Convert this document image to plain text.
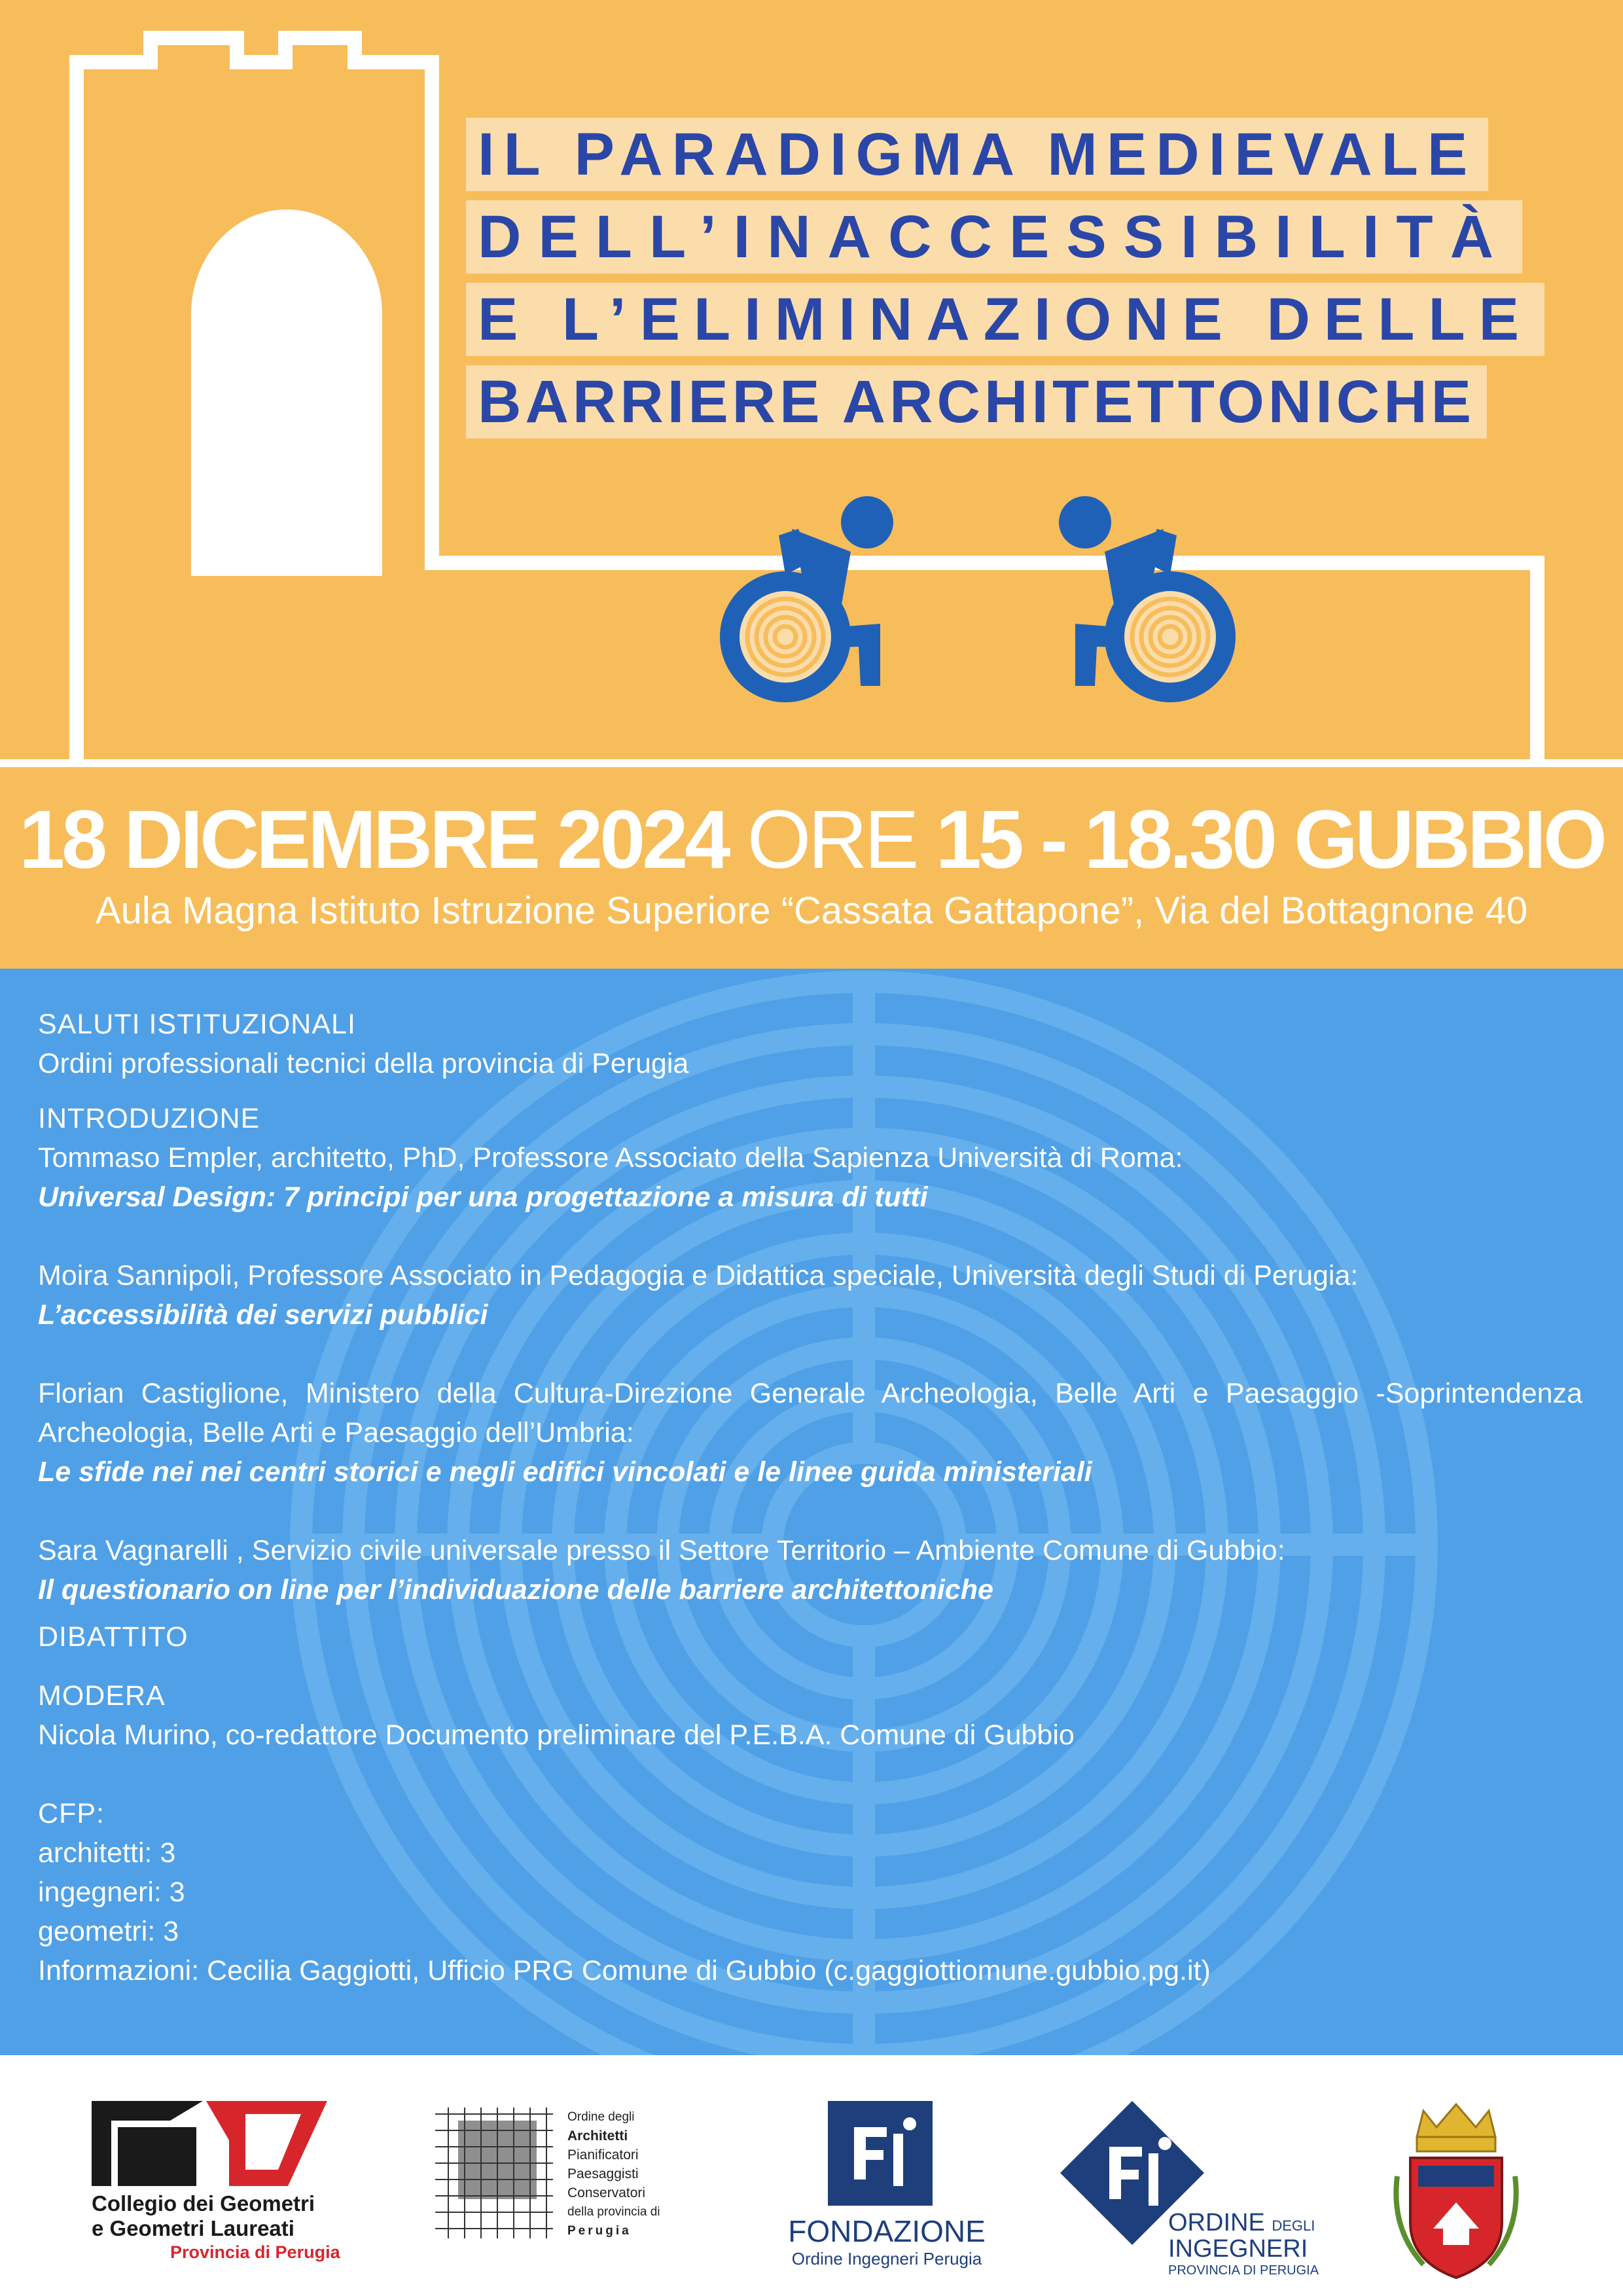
IL PARADIGMA MEDIEVALE
DELL’INACCESSIBILITÀ
E L’ELIMINAZIONE DELLE
BARRIERE ARCHITETTONICHE
18 DICEMBRE 2024 ORE 15 - 18.30 GUBBIO
Aula Magna Istituto Istruzione Superiore “Cassata Gattapone”, Via del Bottagnone 40

SALUTI ISTITUZIONALI

Ordini professionali tecnici della provincia di Perugia

INTRODUZIONE

Tommaso Empler, architetto, PhD, Professore Associato della Sapienza Università di Roma:

Universal Design: 7 principi per una progettazione a misura di tutti

Moira Sannipoli, Professore Associato in Pedagogia e Didattica speciale, Università degli Studi di Perugia:

L’accessibilità dei servizi pubblici

Florian Castiglione, Ministero della Cultura-Direzione Generale Archeologia, Belle Arti e Paesaggio -Soprintendenza Archeologia, Belle Arti e Paesaggio dell’Umbria:

Le sfide nei nei centri storici e negli edifici vincolati e le linee guida ministeriali

Sara Vagnarelli , Servizio civile universale presso il Settore Territorio – Ambiente Comune di Gubbio:

Il questionario on line per l’individuazione delle barriere architettoniche

DIBATTITO

MODERA

Nicola Murino, co-redattore Documento preliminare del P.E.B.A. Comune di Gubbio

CFP:

architetti: 3

ingegneri: 3

geometri: 3

Informazioni: Cecilia Gaggiotti, Ufficio PRG Comune di Gubbio (c.gaggiottiomune.gubbio.pg.it)

Collegio dei Geometri
e Geometri Laureati
Provincia di Perugia
Ordine degli
Architetti
Pianificatori
Paesaggisti
Conservatori
della provincia di
Perugia	FONDAZIONE
Ordine Ingegneri Perugia
ORDINE DEGLI
INGEGNERI
PROVINCIA DI PERUGIA
